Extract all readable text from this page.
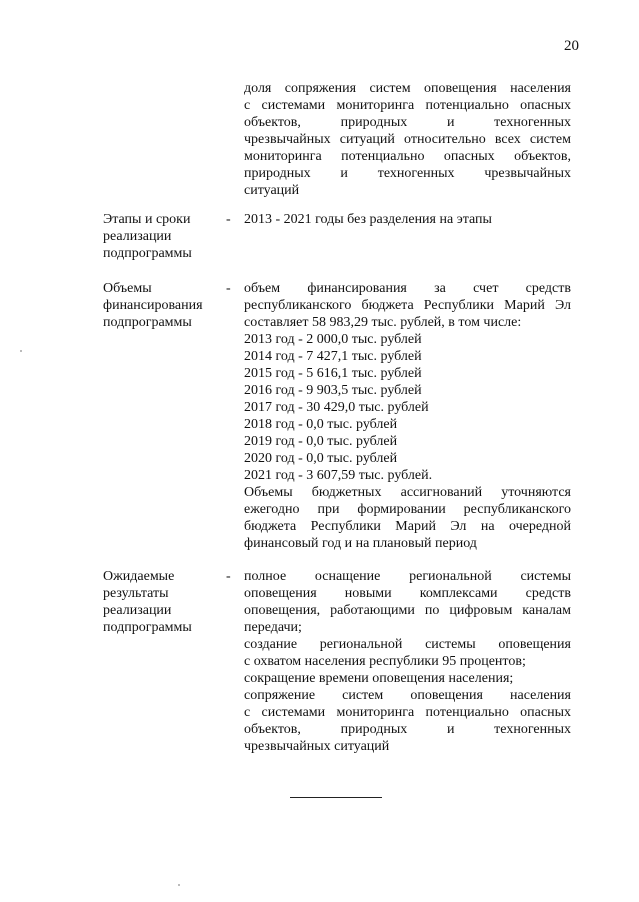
20
доля сопряжения систем оповещения населения
с системами мониторинга потенциально опасных
объектов, природных и техногенных
чрезвычайных ситуаций относительно всех систем
мониторинга потенциально опасных объектов,
природных и техногенных чрезвычайных
ситуаций
Этапы и сроки
реализации
подпрограммы
- 2013 - 2021 годы без разделения на этапы
Объемы
финансирования
подпрограммы
- объем финансирования за счет средств
республиканского бюджета Республики Марий Эл
составляет 58 983,29 тыс. рублей, в том числе:
2013 год - 2 000,0 тыс. рублей
2014 год - 7 427,1 тыс. рублей
2015 год - 5 616,1 тыс. рублей
2016 год - 9 903,5 тыс. рублей
2017 год - 30 429,0 тыс. рублей
2018 год - 0,0 тыс. рублей
2019 год - 0,0 тыс. рублей
2020 год - 0,0 тыс. рублей
2021 год - 3 607,59 тыс. рублей.
Объемы бюджетных ассигнований уточняются
ежегодно при формировании республиканского
бюджета Республики Марий Эл на очередной
финансовый год и на плановый период
Ожидаемые
результаты
реализации
подпрограммы
- полное оснащение региональной системы
оповещения новыми комплексами средств
оповещения, работающими по цифровым каналам
передачи;
создание региональной системы оповещения
с охватом населения республики 95 процентов;
сокращение времени оповещения населения;
сопряжение систем оповещения населения
с системами мониторинга потенциально опасных
объектов, природных и техногенных
чрезвычайных ситуаций
